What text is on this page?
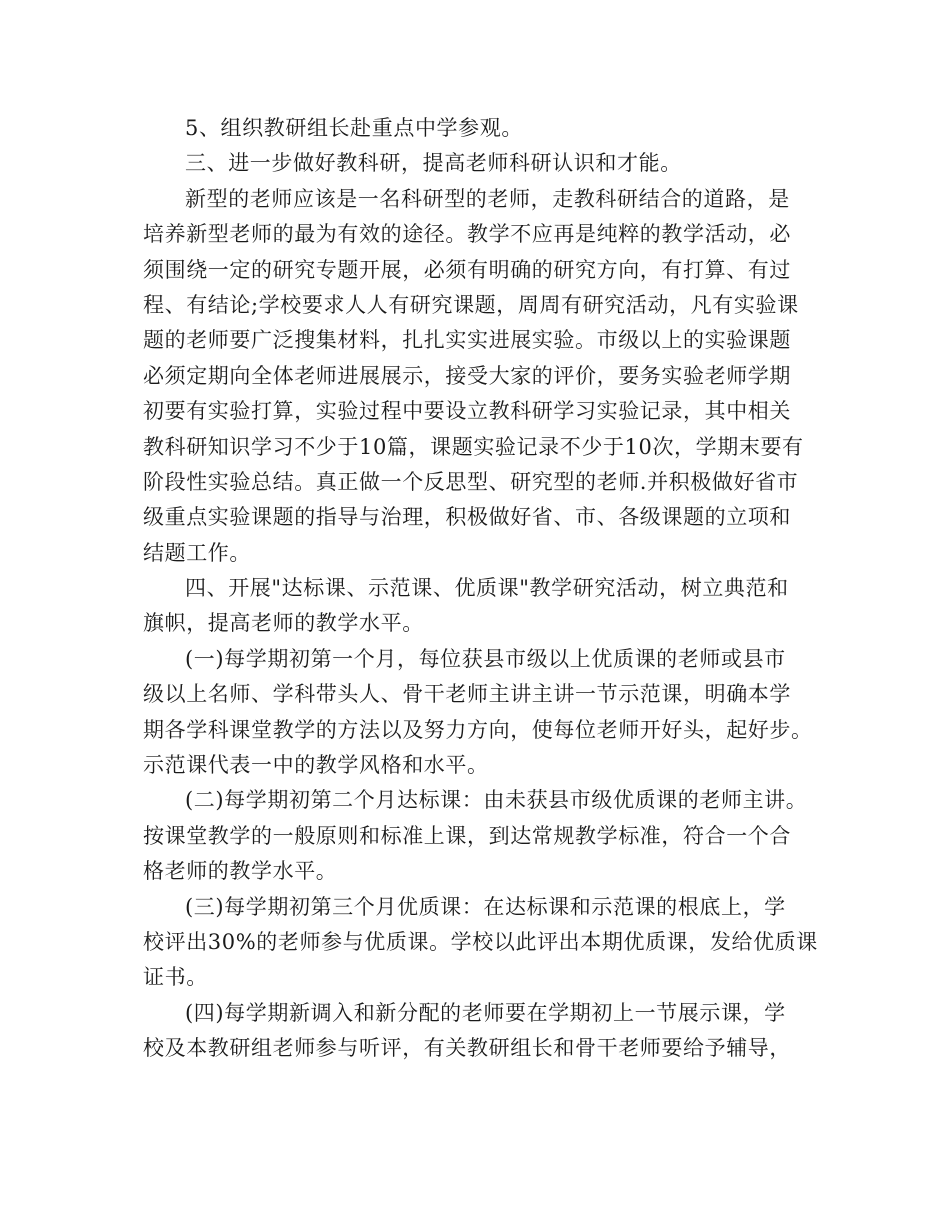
5、组织教研组长赴重点中学参观。
三、进一步做好教科研，提高老师科研认识和才能。
新型的老师应该是一名科研型的老师，走教科研结合的道路，是
培养新型老师的最为有效的途径。教学不应再是纯粹的教学活动，必
须围绕一定的研究专题开展，必须有明确的研究方向，有打算、有过
程、有结论;学校要求人人有研究课题，周周有研究活动，凡有实验课
题的老师要广泛搜集材料，扎扎实实进展实验。市级以上的实验课题
必须定期向全体老师进展展示，接受大家的评价，要务实验老师学期
初要有实验打算，实验过程中要设立教科研学习实验记录，其中相关
教科研知识学习不少于10篇，课题实验记录不少于10次，学期末要有
阶段性实验总结。真正做一个反思型、研究型的老师.并积极做好省市
级重点实验课题的指导与治理，积极做好省、市、各级课题的立项和
结题工作。
四、开展"达标课、示范课、优质课"教学研究活动，树立典范和
旗帜，提高老师的教学水平。
(一)每学期初第一个月，每位获县市级以上优质课的老师或县市
级以上名师、学科带头人、骨干老师主讲主讲一节示范课，明确本学
期各学科课堂教学的方法以及努力方向，使每位老师开好头，起好步。
示范课代表一中的教学风格和水平。
(二)每学期初第二个月达标课：由未获县市级优质课的老师主讲。
按课堂教学的一般原则和标准上课，到达常规教学标准，符合一个合
格老师的教学水平。
(三)每学期初第三个月优质课：在达标课和示范课的根底上，学
校评出30%的老师参与优质课。学校以此评出本期优质课，发给优质课
证书。
(四)每学期新调入和新分配的老师要在学期初上一节展示课，学
校及本教研组老师参与听评，有关教研组长和骨干老师要给予辅导，
